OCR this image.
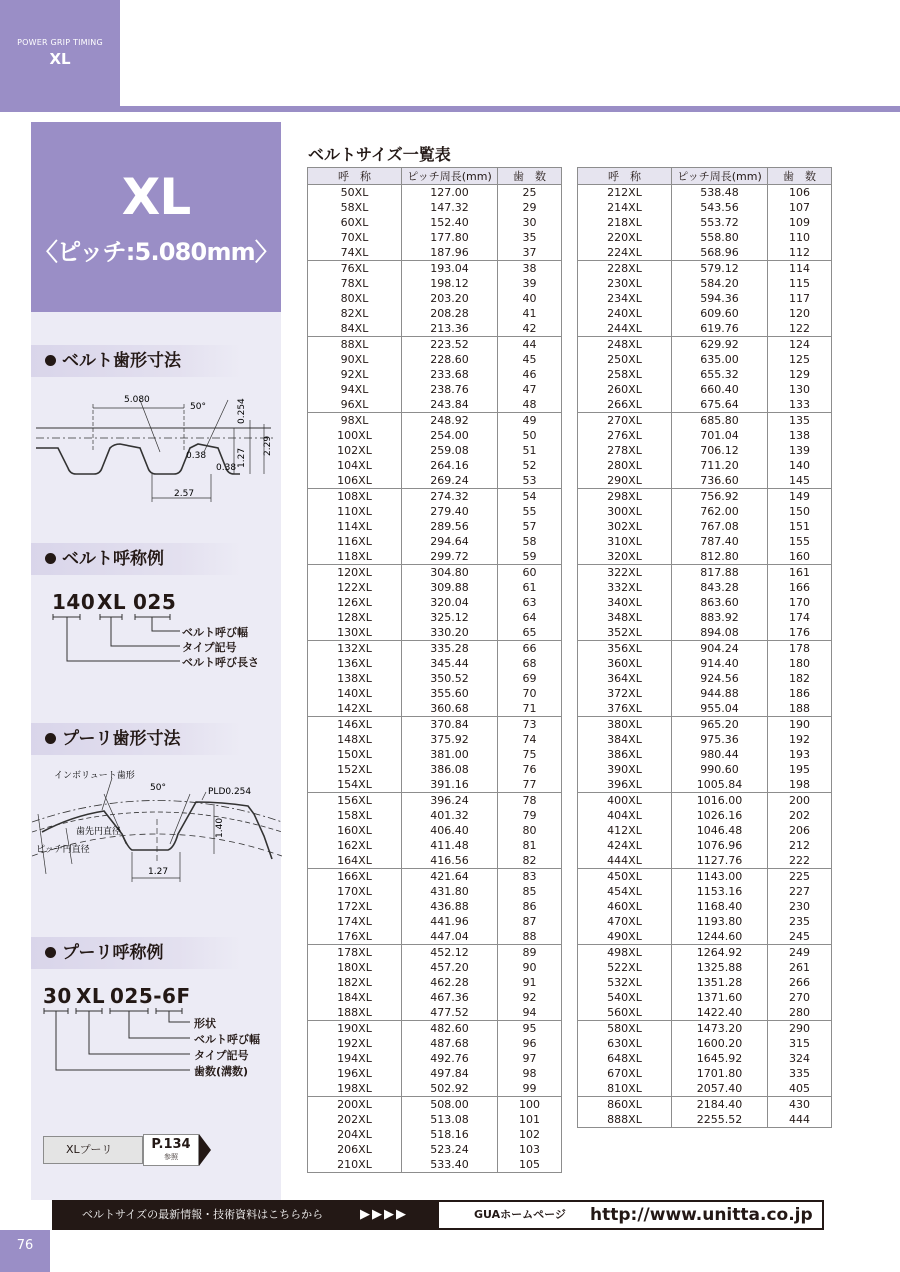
POWER GRIP TIMING
XL
XL
〈ピッチ:5.080mm〉
ベルト歯形寸法
5.080
50°
0.38
0.38
2.57
0.254
1.27
2.29
ベルト呼称例
140 XL 025
ベルト呼び幅
タイプ記号
ベルト呼び長さ
プーリ歯形寸法
インボリュート歯形
50°	PLD0.254
歯先円直径
ピッチ円直径
1.40
1.27
プーリ呼称例
30 XL 025-6F
形状
ベルト呼び幅
タイプ記号
歯数(溝数)
XLプーリ	P.134
参照
ベルトサイズ一覧表
呼　称	ピッチ周長(mm)	歯　数
50XL	127.00	25
58XL	147.32	29
60XL	152.40	30
70XL	177.80	35
74XL	187.96	37
76XL	193.04	38
78XL	198.12	39
80XL	203.20	40
82XL	208.28	41
84XL	213.36	42
88XL	223.52	44
90XL	228.60	45
92XL	233.68	46
94XL	238.76	47
96XL	243.84	48
98XL	248.92	49
100XL	254.00	50
102XL	259.08	51
104XL	264.16	52
106XL	269.24	53
108XL	274.32	54
110XL	279.40	55
114XL	289.56	57
116XL	294.64	58
118XL	299.72	59
120XL	304.80	60
122XL	309.88	61
126XL	320.04	63
128XL	325.12	64
130XL	330.20	65
132XL	335.28	66
136XL	345.44	68
138XL	350.52	69
140XL	355.60	70
142XL	360.68	71
146XL	370.84	73
148XL	375.92	74
150XL	381.00	75
152XL	386.08	76
154XL	391.16	77
156XL	396.24	78
158XL	401.32	79
160XL	406.40	80
162XL	411.48	81
164XL	416.56	82
166XL	421.64	83
170XL	431.80	85
172XL	436.88	86
174XL	441.96	87
176XL	447.04	88
178XL	452.12	89
180XL	457.20	90
182XL	462.28	91
184XL	467.36	92
188XL	477.52	94
190XL	482.60	95
192XL	487.68	96
194XL	492.76	97
196XL	497.84	98
198XL	502.92	99
200XL	508.00	100
202XL	513.08	101
204XL	518.16	102
206XL	523.24	103
210XL	533.40	105
呼　称	ピッチ周長(mm)	歯　数
212XL	538.48	106
214XL	543.56	107
218XL	553.72	109
220XL	558.80	110
224XL	568.96	112
228XL	579.12	114
230XL	584.20	115
234XL	594.36	117
240XL	609.60	120
244XL	619.76	122
248XL	629.92	124
250XL	635.00	125
258XL	655.32	129
260XL	660.40	130
266XL	675.64	133
270XL	685.80	135
276XL	701.04	138
278XL	706.12	139
280XL	711.20	140
290XL	736.60	145
298XL	756.92	149
300XL	762.00	150
302XL	767.08	151
310XL	787.40	155
320XL	812.80	160
322XL	817.88	161
332XL	843.28	166
340XL	863.60	170
348XL	883.92	174
352XL	894.08	176
356XL	904.24	178
360XL	914.40	180
364XL	924.56	182
372XL	944.88	186
376XL	955.04	188
380XL	965.20	190
384XL	975.36	192
386XL	980.44	193
390XL	990.60	195
396XL	1005.84	198
400XL	1016.00	200
404XL	1026.16	202
412XL	1046.48	206
424XL	1076.96	212
444XL	1127.76	222
450XL	1143.00	225
454XL	1153.16	227
460XL	1168.40	230
470XL	1193.80	235
490XL	1244.60	245
498XL	1264.92	249
522XL	1325.88	261
532XL	1351.28	266
540XL	1371.60	270
560XL	1422.40	280
580XL	1473.20	290
630XL	1600.20	315
648XL	1645.92	324
670XL	1701.80	335
810XL	2057.40	405
860XL	2184.40	430
888XL	2255.52	444
ベルトサイズの最新情報・技術資料はこちらから	▶▶▶▶	GUAホームページ http://www.unitta.co.jp
76
